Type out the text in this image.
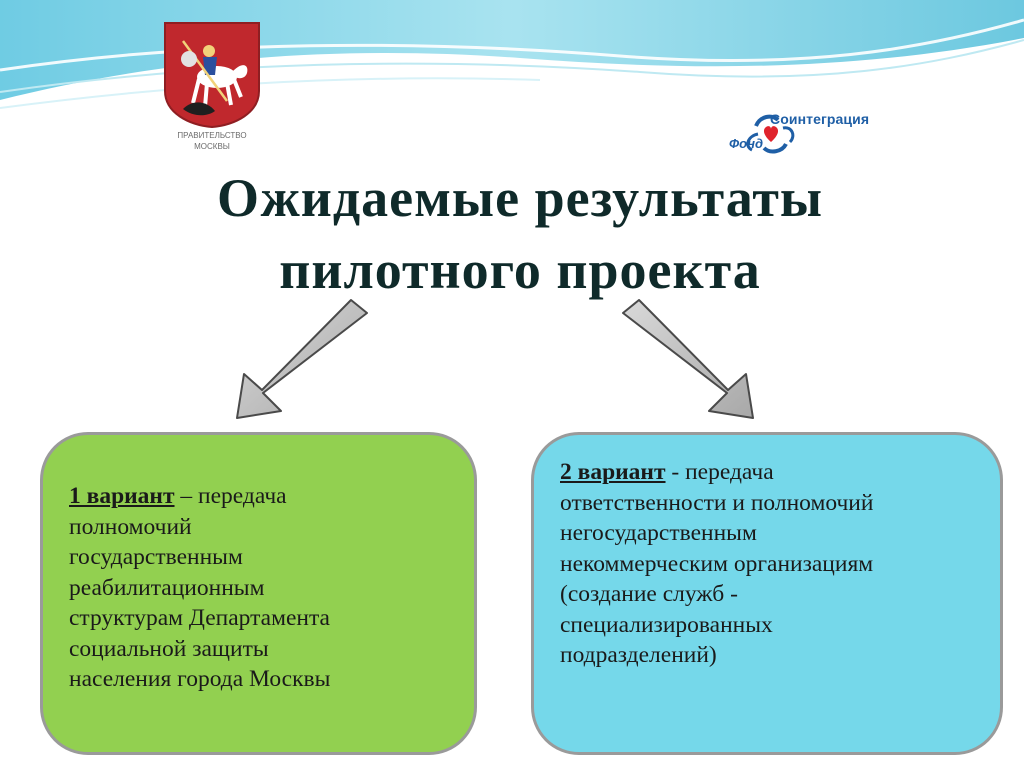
ПРАВИТЕЛЬСТВО
МОСКВЫ
Соинтеграция
Фонд
Ожидаемые результаты
пилотного проекта
1 вариант – передача
полномочий
государственным
реабилитационным
структурам Департамента
социальной защиты
населения города Москвы
2 вариант - передача
ответственности и полномочий
негосударственным
некоммерческим организациям
(создание служб -
специализированных
подразделений)
